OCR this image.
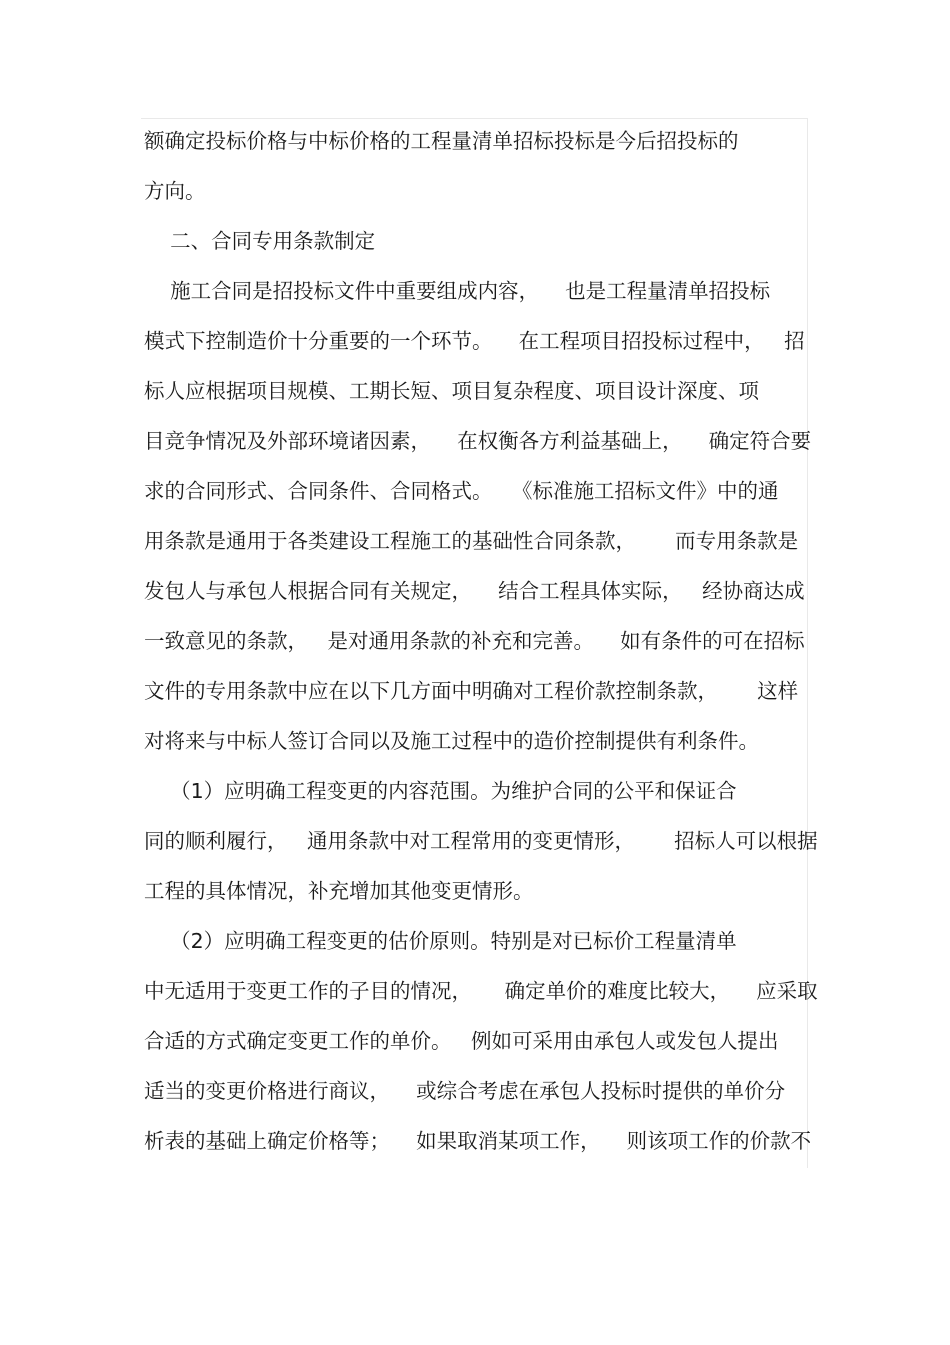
额确定投标价格与中标价格的工程量清单招标投标是今后招投标的
方向。
二、合同专用条款制定
施工合同是招投标文件中重要组成内容，    也是工程量清单招投标
模式下控制造价十分重要的一个环节。    在工程项目招投标过程中，   招
标人应根据项目规模、工期长短、项目复杂程度、项目设计深度、项
目竞争情况及外部环境诸因素，    在权衡各方利益基础上，    确定符合要
求的合同形式、合同条件、合同格式。   《标准施工招标文件》中的通
用条款是通用于各类建设工程施工的基础性合同条款，      而专用条款是
发包人与承包人根据合同有关规定，    结合工程具体实际，   经协商达成
一致意见的条款，   是对通用条款的补充和完善。    如有条件的可在招标
文件的专用条款中应在以下几方面中明确对工程价款控制条款，      这样
对将来与中标人签订合同以及施工过程中的造价控制提供有利条件。
（1）应明确工程变更的内容范围。为维护合同的公平和保证合
同的顺利履行，   通用条款中对工程常用的变更情形，      招标人可以根据
工程的具体情况，补充增加其他变更情形。
（2）应明确工程变更的估价原则。特别是对已标价工程量清单
中无适用于变更工作的子目的情况，     确定单价的难度比较大，    应采取
合适的方式确定变更工作的单价。   例如可采用由承包人或发包人提出
适当的变更价格进行商议，    或综合考虑在承包人投标时提供的单价分
析表的基础上确定价格等；    如果取消某项工作，    则该项工作的价款不
